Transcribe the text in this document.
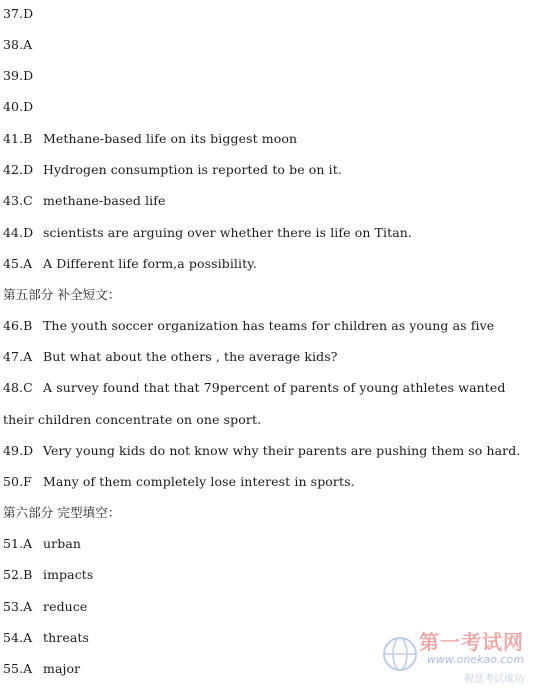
37.D
38.A
39.D
40.D
41.B Methane-based life on its biggest moon
42.D Hydrogen consumption is reported to be on it.
43.C methane-based life
44.D scientists are arguing over whether there is life on Titan.
45.A A Different life form,a possibility.
第五部分 补全短文：
46.B The youth soccer organization has teams for children as young as five
47.A But what about the others , the average kids?
48.C A survey found that that 79percent of parents of young athletes wanted
their children concentrate on one sport.
49.D Very young kids do not know why their parents are pushing them so hard.
50.F Many of them completely lose interest in sports.
第六部分 完型填空：
51.A urban
52.B impacts
53.A reduce
54.A threats
55.A major
第一考试网
www.onekao.com
祝您考试成功
